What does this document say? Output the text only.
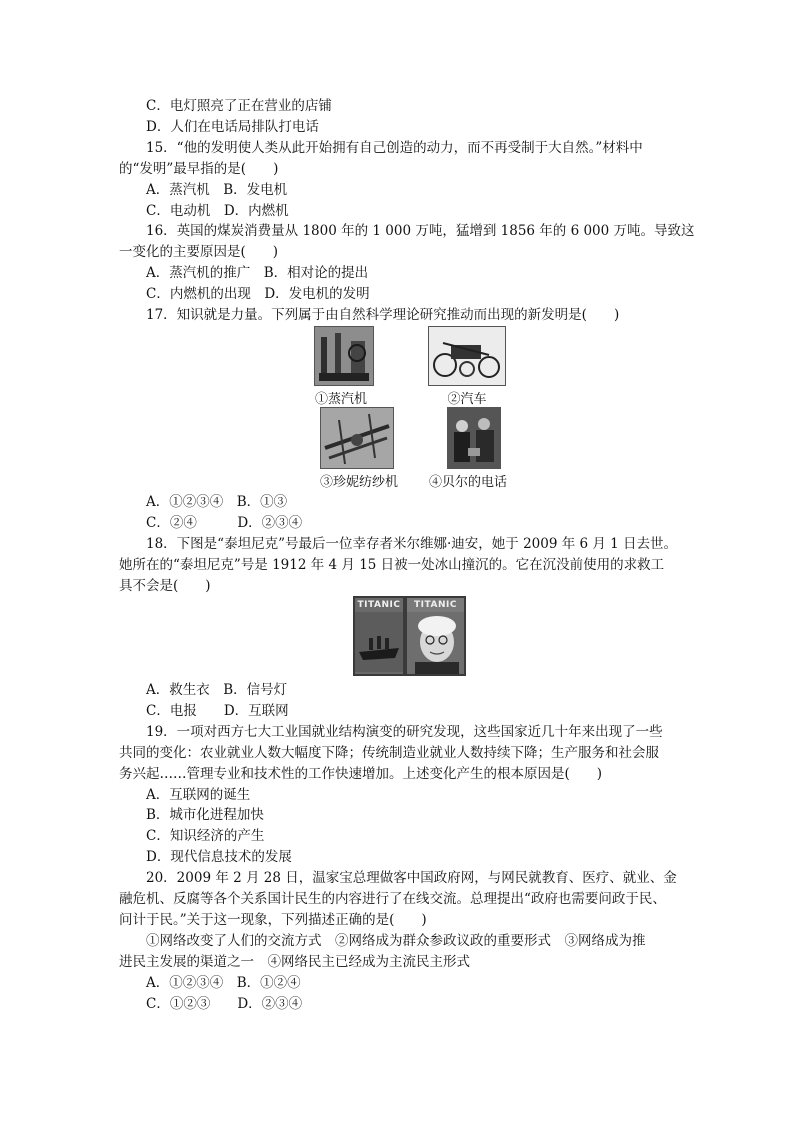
C．电灯照亮了正在营业的店铺
D．人们在电话局排队打电话
15．“他的发明使人类从此开始拥有自己创造的动力，而不再受制于大自然。”材料中
的“发明”最早指的是(　　)
A．蒸汽机　B．发电机
C．电动机　D．内燃机
16．英国的煤炭消费量从 1800 年的 1 000 万吨，猛增到 1856 年的 6 000 万吨。导致这
一变化的主要原因是(　　)
A．蒸汽机的推广　B．相对论的提出
C．内燃机的出现　D．发电机的发明
17．知识就是力量。下列属于由自然科学理论研究推动而出现的新发明是(　　)
①蒸汽机	②汽车
③珍妮纺纱机 ④贝尔的电话
A．①②③④　B．①③
C．②④　　　D．②③④
18．下图是“泰坦尼克”号最后一位幸存者米尔维娜·迪安，她于 2009 年 6 月 1 日去世。
她所在的“泰坦尼克”号是 1912 年 4 月 15 日被一处冰山撞沉的。它在沉没前使用的求救工
具不会是(　　)
TITANIC	TITANIC
A．救生衣　B．信号灯
C．电报　　D．互联网
19．一项对西方七大工业国就业结构演变的研究发现，这些国家近几十年来出现了一些
共同的变化：农业就业人数大幅度下降；传统制造业就业人数持续下降；生产服务和社会服
务兴起……管理专业和技术性的工作快速增加。上述变化产生的根本原因是(　　)
A．互联网的诞生
B．城市化进程加快
C．知识经济的产生
D．现代信息技术的发展
20．2009 年 2 月 28 日，温家宝总理做客中国政府网，与网民就教育、医疗、就业、金
融危机、反腐等各个关系国计民生的内容进行了在线交流。总理提出“政府也需要问政于民、
问计于民。”关于这一现象，下列描述正确的是(　　)
①网络改变了人们的交流方式　②网络成为群众参政议政的重要形式　③网络成为推
进民主发展的渠道之一　④网络民主已经成为主流民主形式
A．①②③④　B．①②④
C．①②③　　D．②③④
